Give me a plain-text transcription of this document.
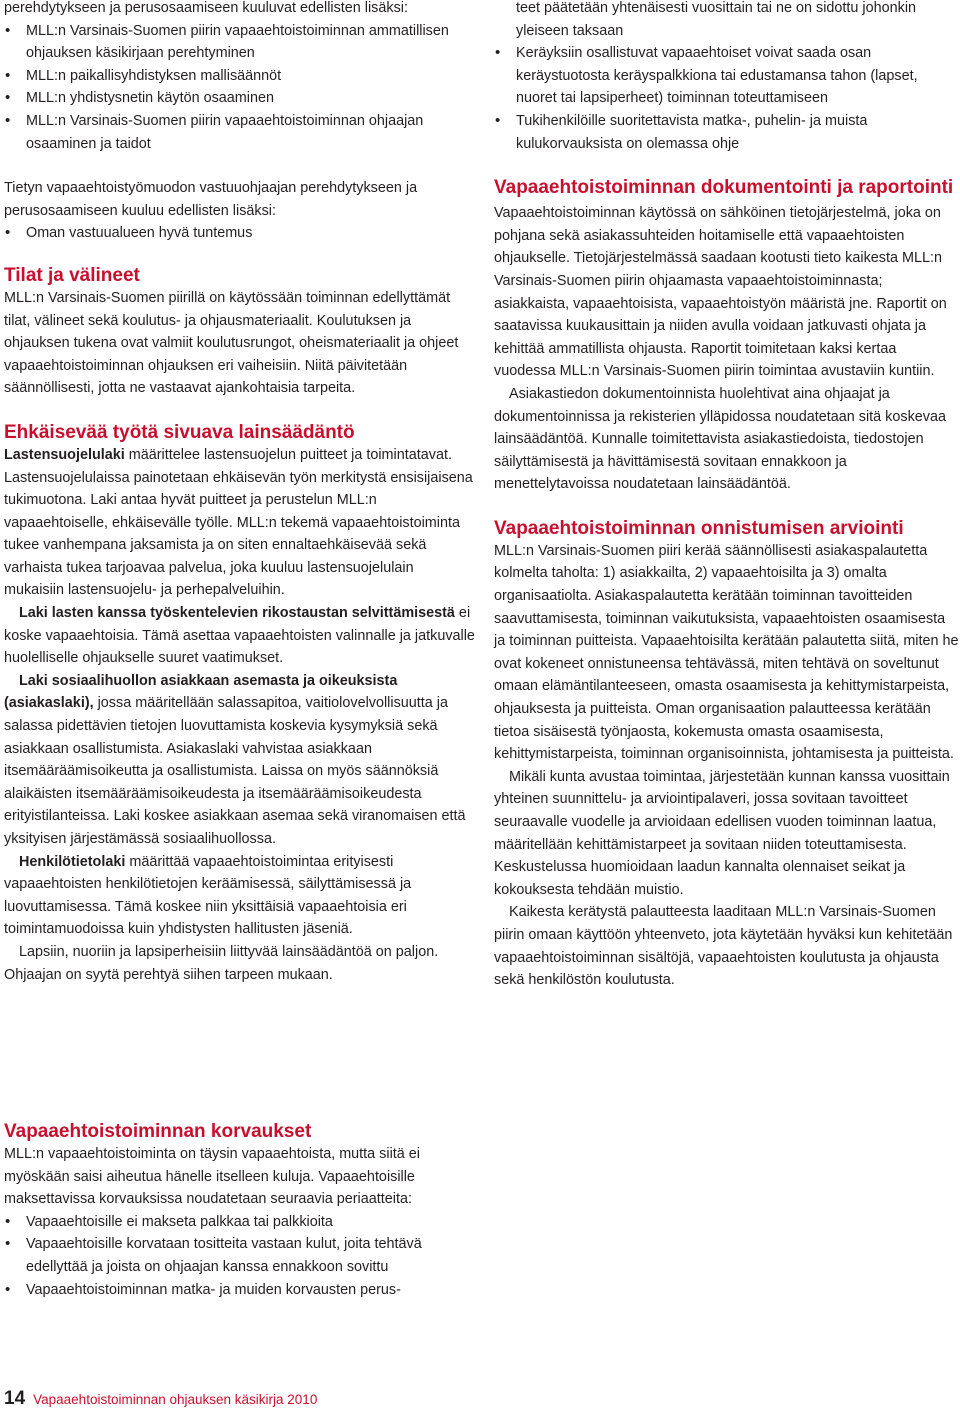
perehdytykseen ja perusosaamiseen kuuluvat edellisten lisäksi:

• MLL:n Varsinais-Suomen piirin vapaaehtoistoiminnan ammatillisen ohjauksen käsikirjaan perehtyminen
• MLL:n paikallisyhdistyksen mallisäännöt
• MLL:n yhdistysnetin käytön osaaminen
• MLL:n Varsinais-Suomen piirin vapaaehtoistoiminnan ohjaajan osaaminen ja taidot

Tietyn vapaaehtoistyömuodon vastuuohjaajan perehdytykseen ja perusosaamiseen kuuluu edellisten lisäksi:

• Oman vastuualueen hyvä tuntemus
Tilat ja välineet

MLL:n Varsinais-Suomen piirillä on käytössään toiminnan edellyttämät tilat, välineet sekä koulutus- ja ohjausmateriaalit. Koulutuksen ja ohjauksen tukena ovat valmiit koulutusrungot, oheismateriaalit ja ohjeet vapaaehtoistoiminnan ohjauksen eri vaiheisiin. Niitä päivitetään säännöllisesti, jotta ne vastaavat ajankohtaisia tarpeita.

Ehkäisevää työtä sivuava lainsäädäntö

Lastensuojelulaki määrittelee lastensuojelun puitteet ja toimintatavat. Lastensuojelulaissa painotetaan ehkäisevän työn merkitystä ensisijaisena tukimuotona. Laki antaa hyvät puitteet ja perustelun MLL:n vapaaehtoiselle, ehkäisevälle työlle. MLL:n tekemä vapaaehtoistoiminta tukee vanhempana jaksamista ja on siten ennaltaehkäisevää sekä varhaista tukea tarjoavaa palvelua, joka kuuluu lastensuojelulain mukaisiin lastensuojelu- ja perhepalveluihin.

Laki lasten kanssa työskentelevien rikostaustan selvittämisestä ei koske vapaaehtoisia. Tämä asettaa vapaaehtoisten valinnalle ja jatkuvalle huolelliselle ohjaukselle suuret vaatimukset.

Laki sosiaalihuollon asiakkaan asemasta ja oikeuksista (asiakaslaki), jossa määritellään salassapitoa, vaitiolovelvollisuutta ja salassa pidettävien tietojen luovuttamista koskevia kysymyksiä sekä asiakkaan osallistumista. Asiakaslaki vahvistaa asiakkaan itsemääräämisoikeutta ja osallistumista. Laissa on myös säännöksiä alaikäisten itsemääräämisoikeudesta ja itsemääräämisoikeudesta erityistilanteissa. Laki koskee asiakkaan asemaa sekä viranomaisen että yksityisen järjestämässä sosiaalihuollossa.

Henkilötietolaki määrittää vapaaehtoistoimintaa erityisesti vapaaehtoisten henkilötietojen keräämisessä, säilyttämisessä ja luovuttamisessa. Tämä koskee niin yksittäisiä vapaaehtoisia eri toimintamuodoissa kuin yhdistysten hallitusten jäseniä.

Lapsiin, nuoriin ja lapsiperheisiin liittyvää lainsäädäntöä on paljon. Ohjaajan on syytä perehtyä siihen tarpeen mukaan.

teet päätetään yhtenäisesti vuosittain tai ne on sidottu johonkin yleiseen taksaan
• Keräyksiin osallistuvat vapaaehtoiset voivat saada osan keräystuotosta keräyspalkkiona tai edustamansa tahon (lapset, nuoret tai lapsiperheet) toiminnan toteuttamiseen
• Tukihenkilöille suoritettavista matka-, puhelin- ja muista kulukorvauksista on olemassa ohje
Vapaaehtoistoiminnan dokumentointi ja raportointi

Vapaaehtoistoiminnan käytössä on sähköinen tietojärjestelmä, joka on pohjana sekä asiakassuhteiden hoitamiselle että vapaaehtoisten ohjaukselle. Tietojärjestelmässä saadaan kootusti tieto kaikesta MLL:n Varsinais-Suomen piirin ohjaamasta vapaaehtoistoiminnasta; asiakkaista, vapaaehtoisista, vapaaehtoistyön määristä jne. Raportit on saatavissa kuukausittain ja niiden avulla voidaan jatkuvasti ohjata ja kehittää ammatillista ohjausta. Raportit toimitetaan kaksi kertaa vuodessa MLL:n Varsinais-Suomen piirin toimintaa avustaviin kuntiin.

Asiakastiedon dokumentoinnista huolehtivat aina ohjaajat ja dokumentoinnissa ja rekisterien ylläpidossa noudatetaan sitä koskevaa lainsäädäntöä. Kunnalle toimitettavista asiakastiedoista, tiedostojen säilyttämisestä ja hävittämisestä sovitaan ennakkoon ja menettelytavoissa noudatetaan lainsäädäntöä.

Vapaaehtoistoiminnan onnistumisen arviointi

MLL:n Varsinais-Suomen piiri kerää säännöllisesti asiakaspalautetta kolmelta taholta: 1) asiakkailta, 2) vapaaehtoisilta ja 3) omalta organisaatiolta. Asiakaspalautetta kerätään toiminnan tavoitteiden saavuttamisesta, toiminnan vaikutuksista, vapaaehtoisten osaamisesta ja toiminnan puitteista. Vapaaehtoisilta kerätään palautetta siitä, miten he ovat kokeneet onnistuneensa tehtävässä, miten tehtävä on soveltunut omaan elämäntilanteeseen, omasta osaamisesta ja kehittymistarpeista, ohjauksesta ja puitteista. Oman organisaation palautteessa kerätään tietoa sisäisestä työnjaosta, kokemusta omasta osaamisesta, kehittymistarpeista, toiminnan organisoinnista, johtamisesta ja puitteista.

Mikäli kunta avustaa toimintaa, järjestetään kunnan kanssa vuosittain yhteinen suunnittelu- ja arviointipalaveri, jossa sovitaan tavoitteet seuraavalle vuodelle ja arvioidaan edellisen vuoden toiminnan laatua, määritellään kehittämistarpeet ja sovitaan niiden toteuttamisesta. Keskustelussa huomioidaan laadun kannalta olennaiset seikat ja kokouksesta tehdään muistio.

Kaikesta kerätystä palautteesta laaditaan MLL:n Varsinais-Suomen piirin omaan käyttöön yhteenveto, jota käytetään hyväksi kun kehitetään vapaaehtoistoiminnan sisältöjä, vapaaehtoisten koulutusta ja ohjausta sekä henkilöstön koulutusta.

Vapaaehtoistoiminnan korvaukset

MLL:n vapaaehtoistoiminta on täysin vapaaehtoista, mutta siitä ei myöskään saisi aiheutua hänelle itselleen kuluja. Vapaaehtoisille maksettavissa korvauksissa noudatetaan seuraavia periaatteita:

• Vapaaehtoisille ei makseta palkkaa tai palkkioita
• Vapaaehtoisille korvataan tositteita vastaan kulut, joita tehtävä edellyttää ja joista on ohjaajan kanssa ennakkoon sovittu
• Vapaaehtoistoiminnan matka- ja muiden korvausten perus-
14 Vapaaehtoistoiminnan ohjauksen käsikirja 2010
